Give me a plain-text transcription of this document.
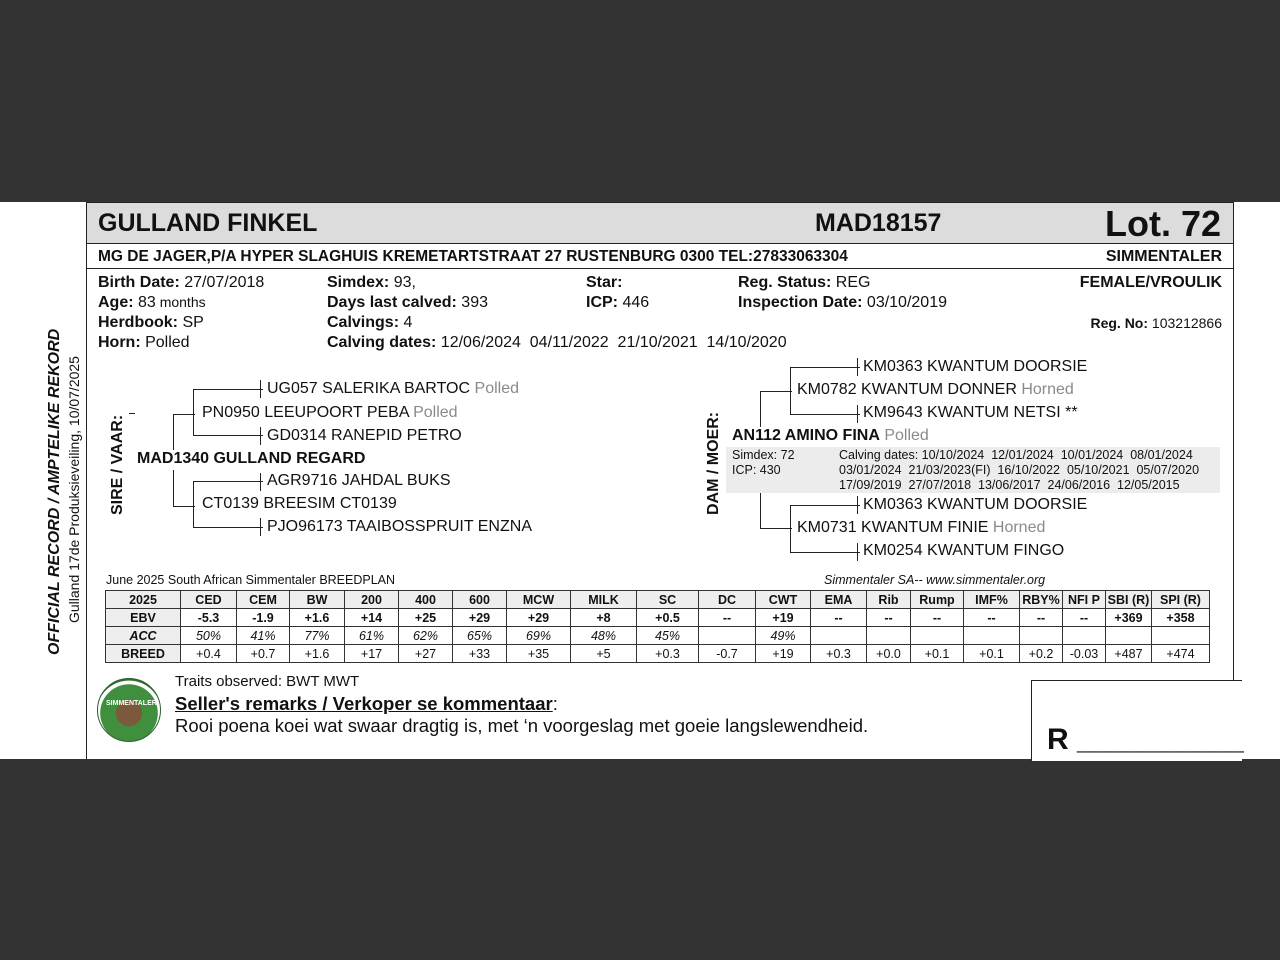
GULLAND FINKEL	MAD18157	Lot. 72
MG DE JAGER,P/A HYPER SLAGHUIS KREMETARTSTRAAT 27 RUSTENBURG 0300 TEL:27833063304	SIMMENTALER
OFFICIAL RECORD / AMPTELIKE REKORD Gulland 17de Produksieveiling, 10/07/2025
Birth Date: 27/07/2018
Age: 83 months
Herdbook: SP
Horn: Polled
Simdex: 93,
Days last calved: 393
Calvings: 4
Calving dates: 12/06/2024  04/11/2022  21/10/2021  14/10/2020
Star:
ICP: 446
Reg. Status: REG
Inspection Date: 03/10/2019
FEMALE/VROULIK
Reg. No: 103212866
SIRE / VAAR:
UG057 SALERIKA BARTOC Polled
PN0950 LEEUPOORT PEBA Polled
GD0314 RANEPID PETRO
MAD1340 GULLAND REGARD
AGR9716 JAHDAL BUKS
CT0139 BREESIM CT0139
PJO96173 TAAIBOSSPRUIT ENZNA
DAM / MOER:
KM0363 KWANTUM DOORSIE
KM0782 KWANTUM DONNER Horned
KM9643 KWANTUM NETSI **
AN112 AMINO FINA Polled
Simdex: 72
ICP: 430
Calving dates: 10/10/2024  12/01/2024  10/01/2024  08/01/2024
03/01/2024  21/03/2023(FI)  16/10/2022  05/10/2021  05/07/2020
17/09/2019  27/07/2018  13/06/2017  24/06/2016  12/05/2015
KM0363 KWANTUM DOORSIE
KM0731 KWANTUM FINIE Horned
KM0254 KWANTUM FINGO
June 2025 South African Simmentaler BREEDPLAN	Simmentaler SA-- www.simmentaler.org
2025	CED	CEM	BW	200	400	600	MCW	MILK	SC	DC	CWT	EMA	Rib	Rump	IMF%	RBY%	NFI P	SBI (R)	SPI (R)
EBV	-5.3	-1.9	+1.6	+14	+25	+29	+29	+8	+0.5	--	+19	--	--	--	--	--	--	+369	+358
ACC	50%	41%	77%	61%	62%	65%	69%	48%	45%		49%								
BREED	+0.4	+0.7	+1.6	+17	+27	+33	+35	+5	+0.3	-0.7	+19	+0.3	+0.0	+0.1	+0.1	+0.2	-0.03	+487	+474
SIMMENTALER
Traits observed: BWT MWT
Seller's remarks / Verkoper se kommentaar:
Rooi poena koei wat swaar dragtig is, met ‘n voorgeslag met goeie langslewendheid.	R __________
